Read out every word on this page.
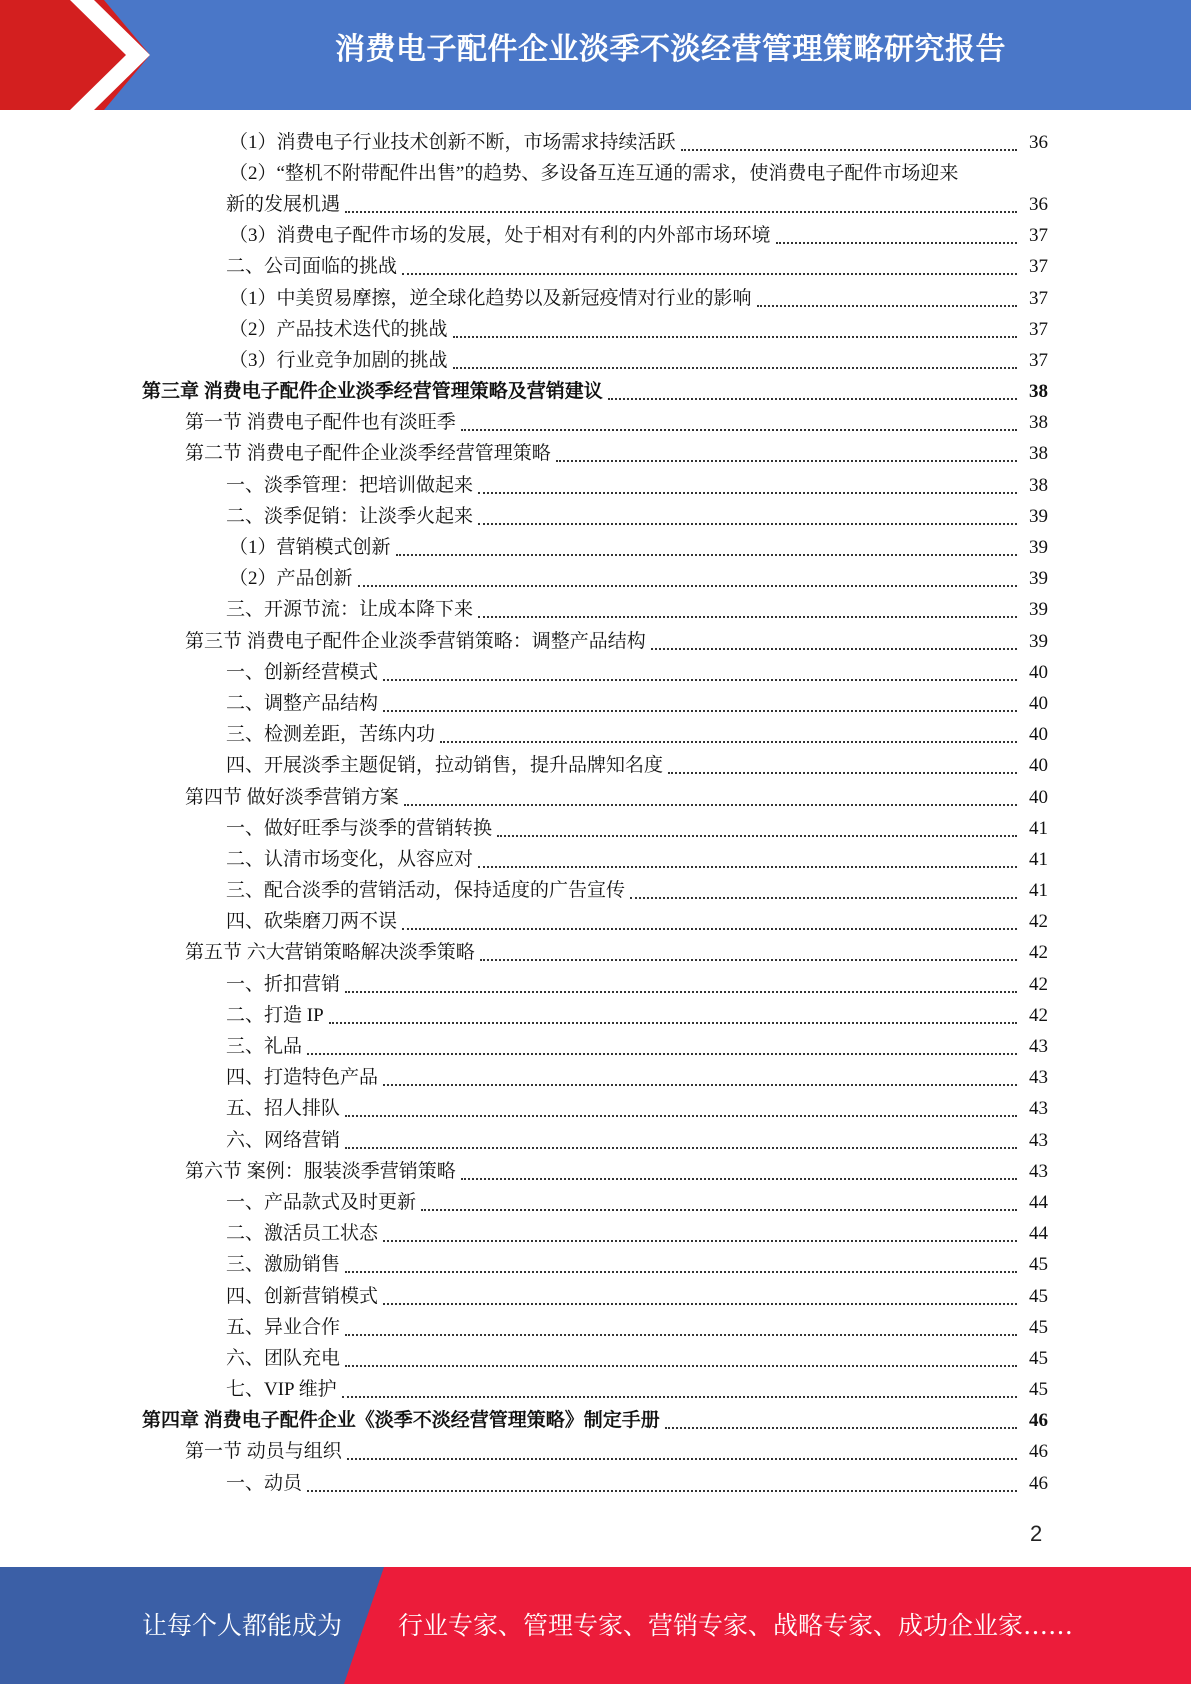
消费电子配件企业淡季不淡经营管理策略研究报告
（1）消费电子行业技术创新不断，市场需求持续活跃	36
（2）“整机不附带配件出售”的趋势、多设备互连互通的需求，使消费电子配件市场迎来
新的发展机遇	36
（3）消费电子配件市场的发展，处于相对有利的内外部市场环境	37
二、公司面临的挑战	37
（1）中美贸易摩擦，逆全球化趋势以及新冠疫情对行业的影响	37
（2）产品技术迭代的挑战	37
（3）行业竞争加剧的挑战	37
第三章 消费电子配件企业淡季经营管理策略及营销建议	38
第一节 消费电子配件也有淡旺季	38
第二节 消费电子配件企业淡季经营管理策略	38
一、淡季管理：把培训做起来	38
二、淡季促销：让淡季火起来	39
（1）营销模式创新	39
（2）产品创新	39
三、开源节流：让成本降下来	39
第三节 消费电子配件企业淡季营销策略：调整产品结构	39
一、创新经营模式	40
二、调整产品结构	40
三、检测差距，苦练内功	40
四、开展淡季主题促销，拉动销售，提升品牌知名度	40
第四节 做好淡季营销方案	40
一、做好旺季与淡季的营销转换	41
二、认清市场变化，从容应对	41
三、配合淡季的营销活动，保持适度的广告宣传	41
四、砍柴磨刀两不误	42
第五节 六大营销策略解决淡季策略	42
一、折扣营销	42
二、打造 IP	42
三、礼品	43
四、打造特色产品	43
五、招人排队	43
六、网络营销	43
第六节 案例：服装淡季营销策略	43
一、产品款式及时更新	44
二、激活员工状态	44
三、激励销售	45
四、创新营销模式	45
五、异业合作	45
六、团队充电	45
七、VIP 维护	45
第四章 消费电子配件企业《淡季不淡经营管理策略》制定手册	46
第一节 动员与组织	46
一、动员	46
2
让每个人都能成为 行业专家、管理专家、营销专家、战略专家、成功企业家……
